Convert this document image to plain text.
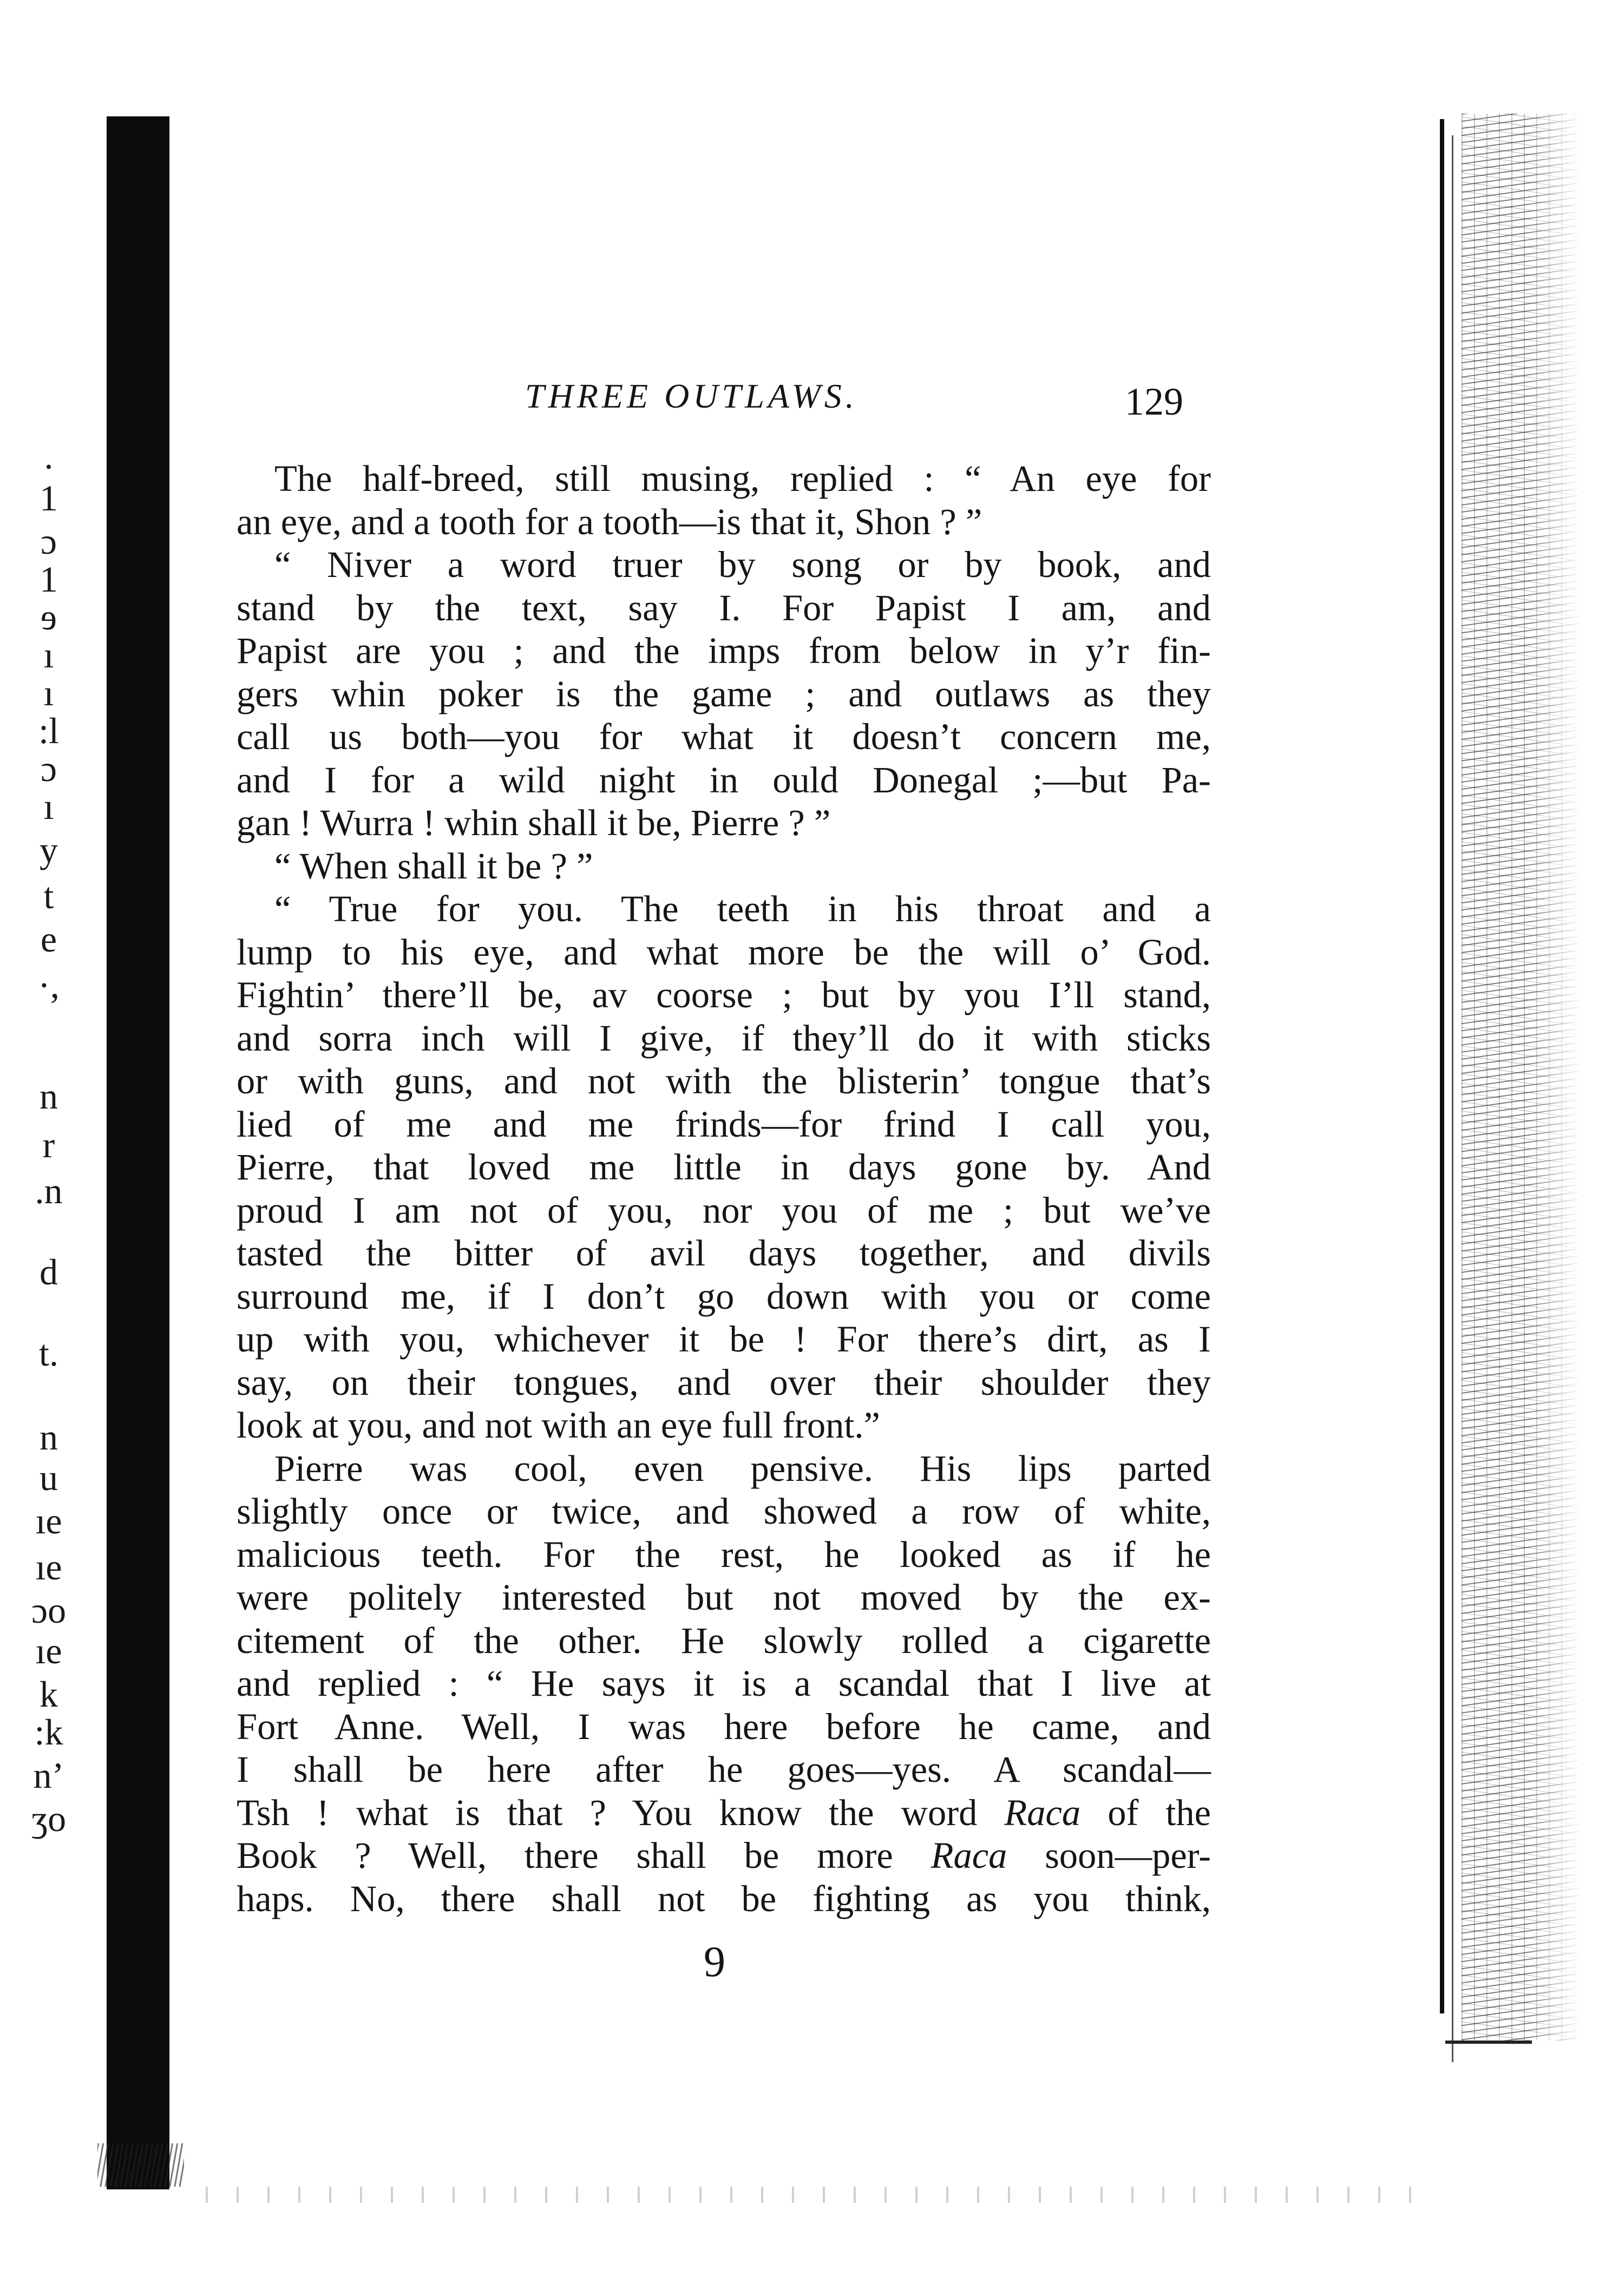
·
1
ɔ
1
ɘ
ı
ı
:l
ɔ
ı
y
t
e
·,
n
r
.n
d
t.
n
u
ıe
ıe
ɔo
ıe
k
:k
n’
ʒo
THREE OUTLAWS.	129
The half-breed, still musing, replied : “ An eye for
an eye, and a tooth for a tooth—is that it, Shon ? ”
“ Niver a word truer by song or by book, and
stand by the text, say I. For Papist I am, and
Papist are you ; and the imps from below in y’r fin-
gers whin poker is the game ; and outlaws as they
call us both—you for what it doesn’t concern me,
and I for a wild night in ould Donegal ;—but Pa-
gan ! Wurra ! whin shall it be, Pierre ? ”
“ When shall it be ? ”
“ True for you. The teeth in his throat and a
lump to his eye, and what more be the will o’ God.
Fightin’ there’ll be, av coorse ; but by you I’ll stand,
and sorra inch will I give, if they’ll do it with sticks
or with guns, and not with the blisterin’ tongue that’s
lied of me and me frinds—for frind I call you,
Pierre, that loved me little in days gone by. And
proud I am not of you, nor you of me ; but we’ve
tasted the bitter of avil days together, and divils
surround me, if I don’t go down with you or come
up with you, whichever it be ! For there’s dirt, as I
say, on their tongues, and over their shoulder they
look at you, and not with an eye full front.”
Pierre was cool, even pensive. His lips parted
slightly once or twice, and showed a row of white,
malicious teeth. For the rest, he looked as if he
were politely interested but not moved by the ex-
citement of the other. He slowly rolled a cigarette
and replied : “ He says it is a scandal that I live at
Fort Anne. Well, I was here before he came, and
I shall be here after he goes—yes. A scandal—
Tsh ! what is that ? You know the word Raca of the
Book ? Well, there shall be more Raca soon—per-
haps. No, there shall not be fighting as you think,
9
